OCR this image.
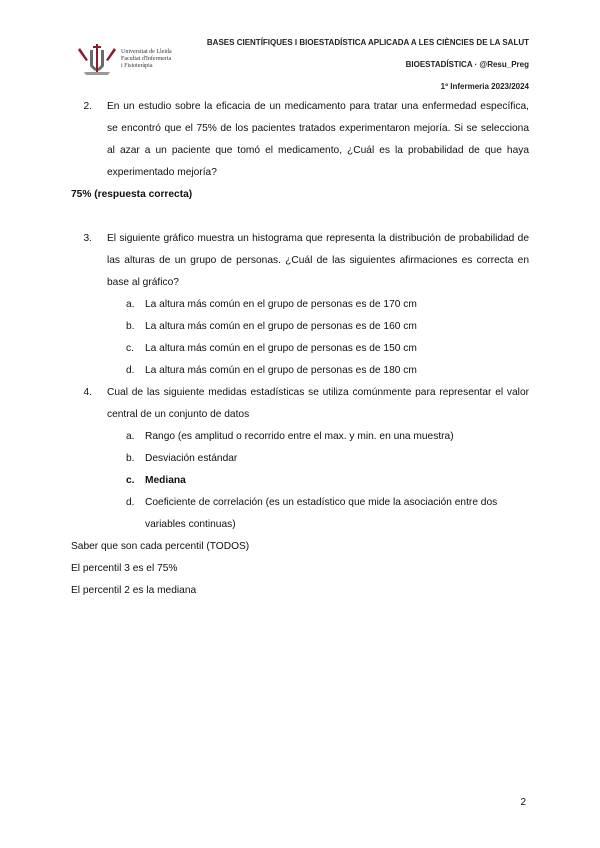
Universitat de Lleida
Facultat d'Infermeria
i Fisioteràpia
BASES CIENTÍFIQUES I BIOESTADÍSTICA APLICADA A LES CIÈNCIES DE LA SALUT
BIOESTADÍSTICA · @Resu_Preg
1º Infermeria 2023/2024
2.	En un estudio sobre la eficacia de un medicamento para tratar una enfermedad específica, se encontró que el 75% de los pacientes tratados experimentaron mejoría. Si se selecciona al azar a un paciente que tomó el medicamento, ¿Cuál es la probabilidad de que haya experimentado mejoría?
75% (respuesta correcta)
3.	El siguiente gráfico muestra un histograma que representa la distribución de probabilidad de las alturas de un grupo de personas. ¿Cuál de las siguientes afirmaciones es correcta en base al gráfico?
a.	La altura más común en el grupo de personas es de 170 cm
b.	La altura más común en el grupo de personas es de 160 cm
c.	La altura más común en el grupo de personas es de 150 cm
d.	La altura más común en el grupo de personas es de 180 cm
4.	Cual de las siguiente medidas estadísticas se utiliza comúnmente para representar el valor central de un conjunto de datos
a.	Rango (es amplitud o recorrido entre el max. y min. en una muestra)
b.	Desviación estándar
c.	Mediana
d.	Coeficiente de correlación (es un estadístico que mide la asociación entre dos variables continuas)
Saber que son cada percentil (TODOS)
El percentil 3 es el 75%
El percentil 2 es la mediana
2
